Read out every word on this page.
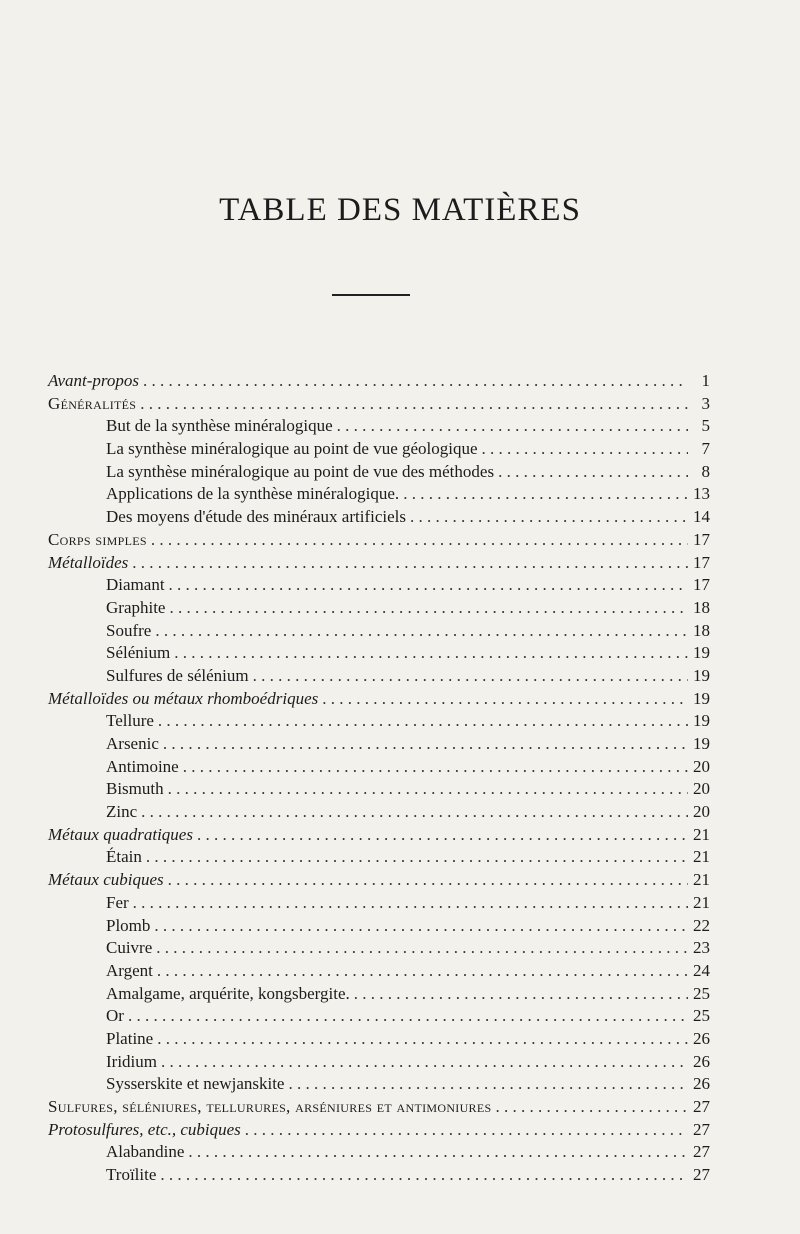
TABLE DES MATIÈRES
Avant-propos . . .	1
Généralités . . .	3
But de la synthèse minéralogique . . .	5
La synthèse minéralogique au point de vue géologique . . .	7
La synthèse minéralogique au point de vue des méthodes . . .	8
Applications de la synthèse minéralogique. . . .	13
Des moyens d'étude des minéraux artificiels . . .	14
Corps simples . . .	17
Métalloïdes . . .	17
Diamant . . .	17
Graphite . . .	18
Soufre . . .	18
Sélénium . . .	19
Sulfures de sélénium . . .	19
Métalloïdes ou métaux rhomboédriques . . .	19
Tellure . . .	19
Arsenic . . .	19
Antimoine . . .	20
Bismuth . . .	20
Zinc . . .	20
Métaux quadratiques . . .	21
Étain . . .	21
Métaux cubiques . . .	21
Fer . . .	21
Plomb . . .	22
Cuivre . . .	23
Argent . . .	24
Amalgame, arquérite, kongsbergite. . . .	25
Or . . .	25
Platine . . .	26
Iridium . . .	26
Sysserskite et newjanskite . . .	26
Sulfures, séléniures, tellurures, arséniures et antimoniures . . .	27
Protosulfures, etc., cubiques . . .	27
Alabandine . . .	27
Troïlite . . .	27
